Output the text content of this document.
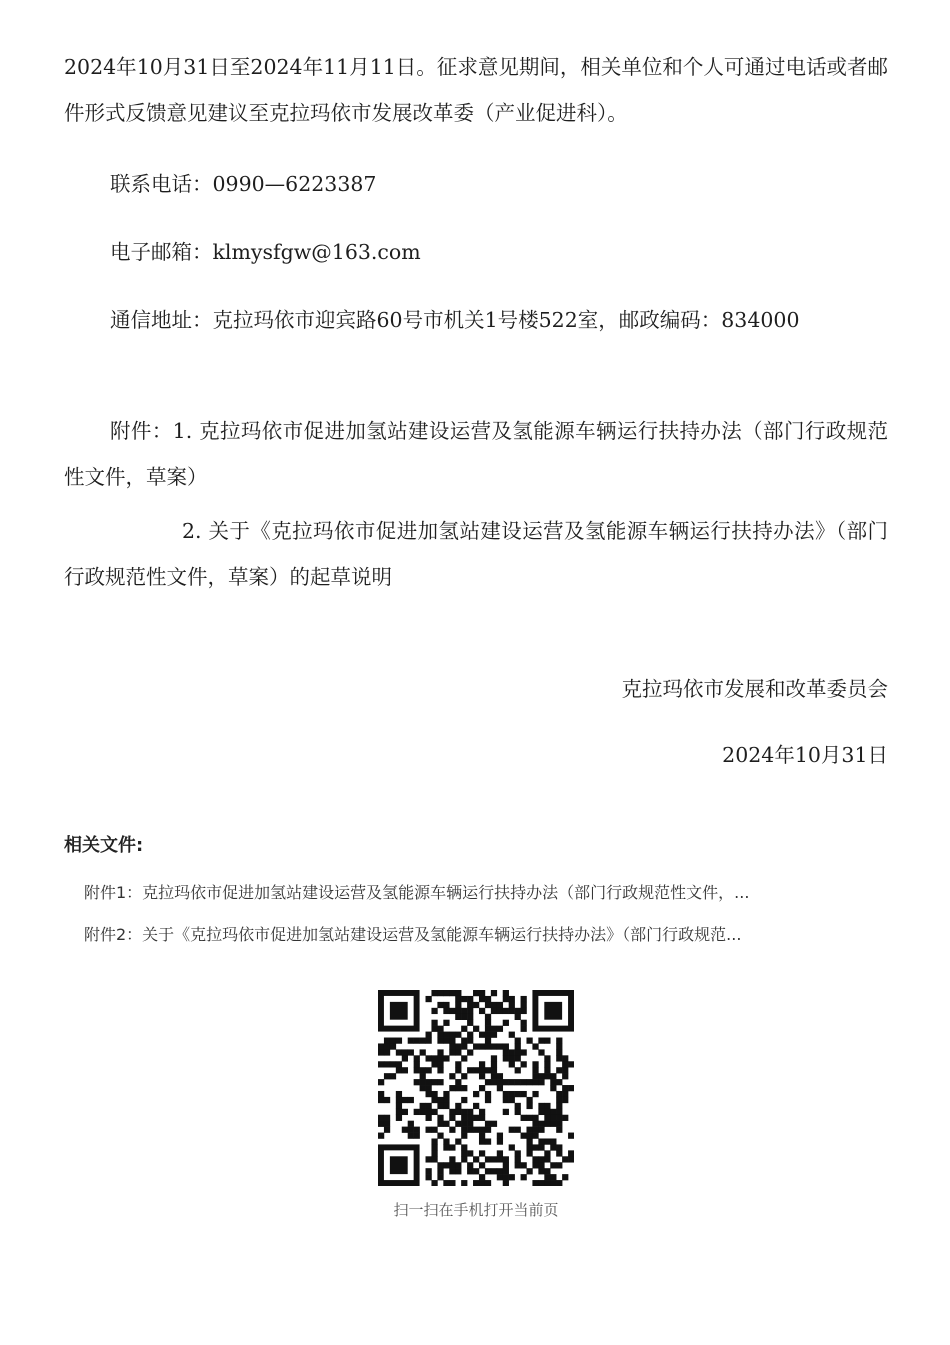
2024年10月31日至2024年11月11日。征求意见期间，相关单位和个人可通过电话或者邮件形式反馈意见建议至克拉玛依市发展改革委（产业促进科）。

联系电话：0990—6223387

电子邮箱：klmysfgw@163.com

通信地址：克拉玛依市迎宾路60号市机关1号楼522室，邮政编码：834000

附件：1. 克拉玛依市促进加氢站建设运营及氢能源车辆运行扶持办法（部门行政规范性文件，草案）

2. 关于《克拉玛依市促进加氢站建设运营及氢能源车辆运行扶持办法》（部门行政规范性文件，草案）的起草说明

克拉玛依市发展和改革委员会

2024年10月31日

相关文件:
附件1：克拉玛依市促进加氢站建设运营及氢能源车辆运行扶持办法（部门行政规范性文件，...
附件2：关于《克拉玛依市促进加氢站建设运营及氢能源车辆运行扶持办法》（部门行政规范...
扫一扫在手机打开当前页
